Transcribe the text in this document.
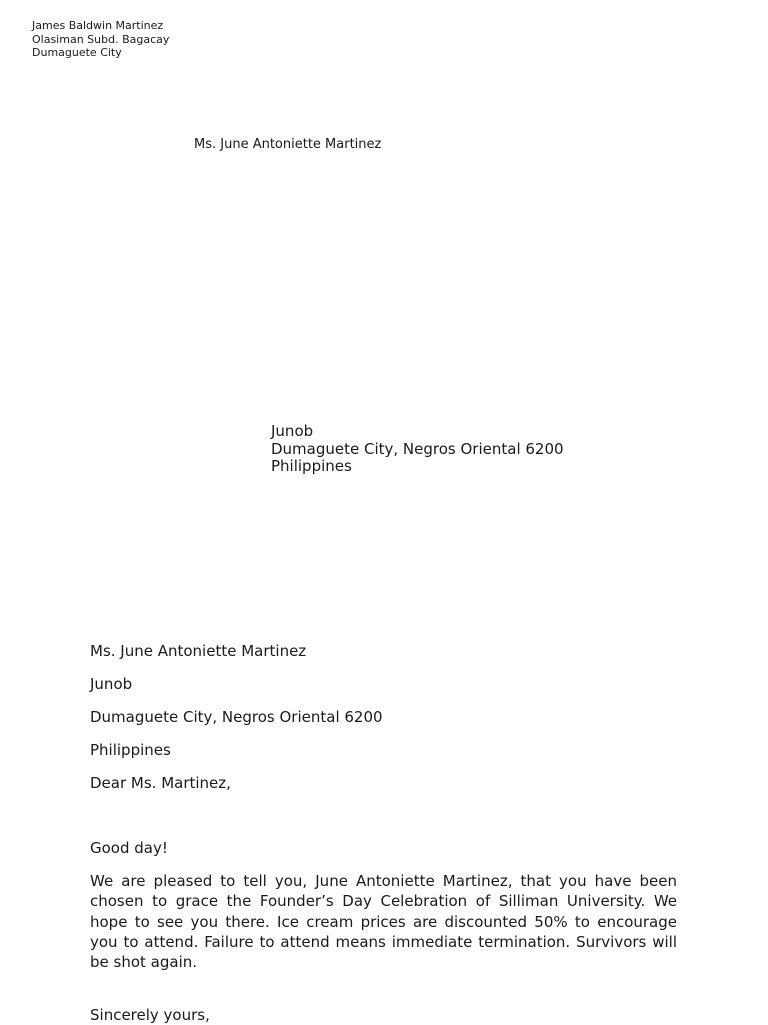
James Baldwin Martinez
Olasiman Subd. Bagacay
Dumaguete City
Ms. June Antoniette Martinez
Junob
Dumaguete City, Negros Oriental 6200
Philippines
Ms. June Antoniette Martinez
Junob
Dumaguete City, Negros Oriental 6200
Philippines
Dear Ms. Martinez,
Good day!

We are pleased to tell you, June Antoniette Martinez, that you have been chosen to grace the Founder’s Day Celebration of Silliman University. We hope to see you there. Ice cream prices are discounted 50% to encourage you to attend. Failure to attend means immediate termination. Survivors will be shot again.

Sincerely yours,
